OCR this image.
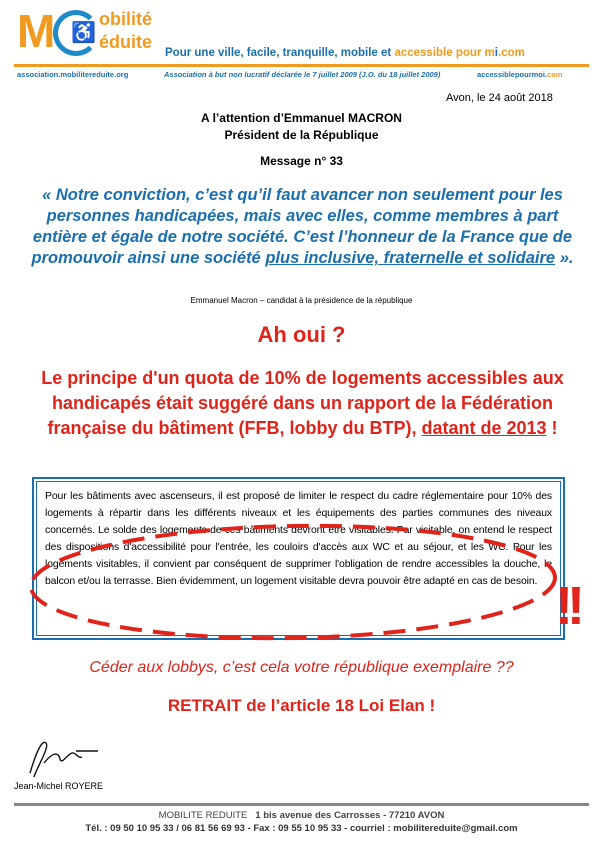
M ♿
obilité
éduite
Pour une ville, facile, tranquille, mobile et accessible pour mi.com
association.mobilitereduite.org	Association à but non lucratif déclarée le 7 juillet 2009 (J.O. du 18 juillet 2009)	accessiblepourmoi.com
Avon, le 24 août 2018
A l’attention d’Emmanuel MACRON
Président de la République
Message n° 33
« Notre conviction, c’est qu’il faut avancer non seulement pour les personnes handicapées, mais avec elles, comme membres à part entière et égale de notre société. C’est l’honneur de la France que de promouvoir ainsi une société plus inclusive, fraternelle et solidaire ».
Emmanuel Macron – candidat à la présidence de la république
Ah oui ?
Le principe d'un quota de 10% de logements accessibles aux handicapés était suggéré dans un rapport de la Fédération française du bâtiment (FFB, lobby du BTP), datant de 2013 !
Pour les bâtiments avec ascenseurs, il est proposé de limiter le respect du cadre réglementaire pour 10% des logements à répartir dans les différents niveaux et les équipements des parties communes des niveaux concernés. Le solde des logements de ces bâtiments devront être visitables. Par visitable, on entend le respect des dispositions d'accessibilité pour l'entrée, les couloirs d'accès aux WC et au séjour, et les WC. Pour les logements visitables, il convient par conséquent de supprimer l'obligation de rendre accessibles la douche, le balcon et/ou la terrasse. Bien évidemment, un logement visitable devra pouvoir être adapté en cas de besoin. !!
Céder aux lobbys, c’est cela votre république exemplaire ??
RETRAIT de l’article 18 Loi Elan !
Jean-Michel ROYERE
MOBILITE REDUITE 1 bis avenue des Carrosses - 77210 AVON
Tél. : 09 50 10 95 33 / 06 81 56 69 93 - Fax : 09 55 10 95 33 - courriel : mobilitereduite@gmail.com
